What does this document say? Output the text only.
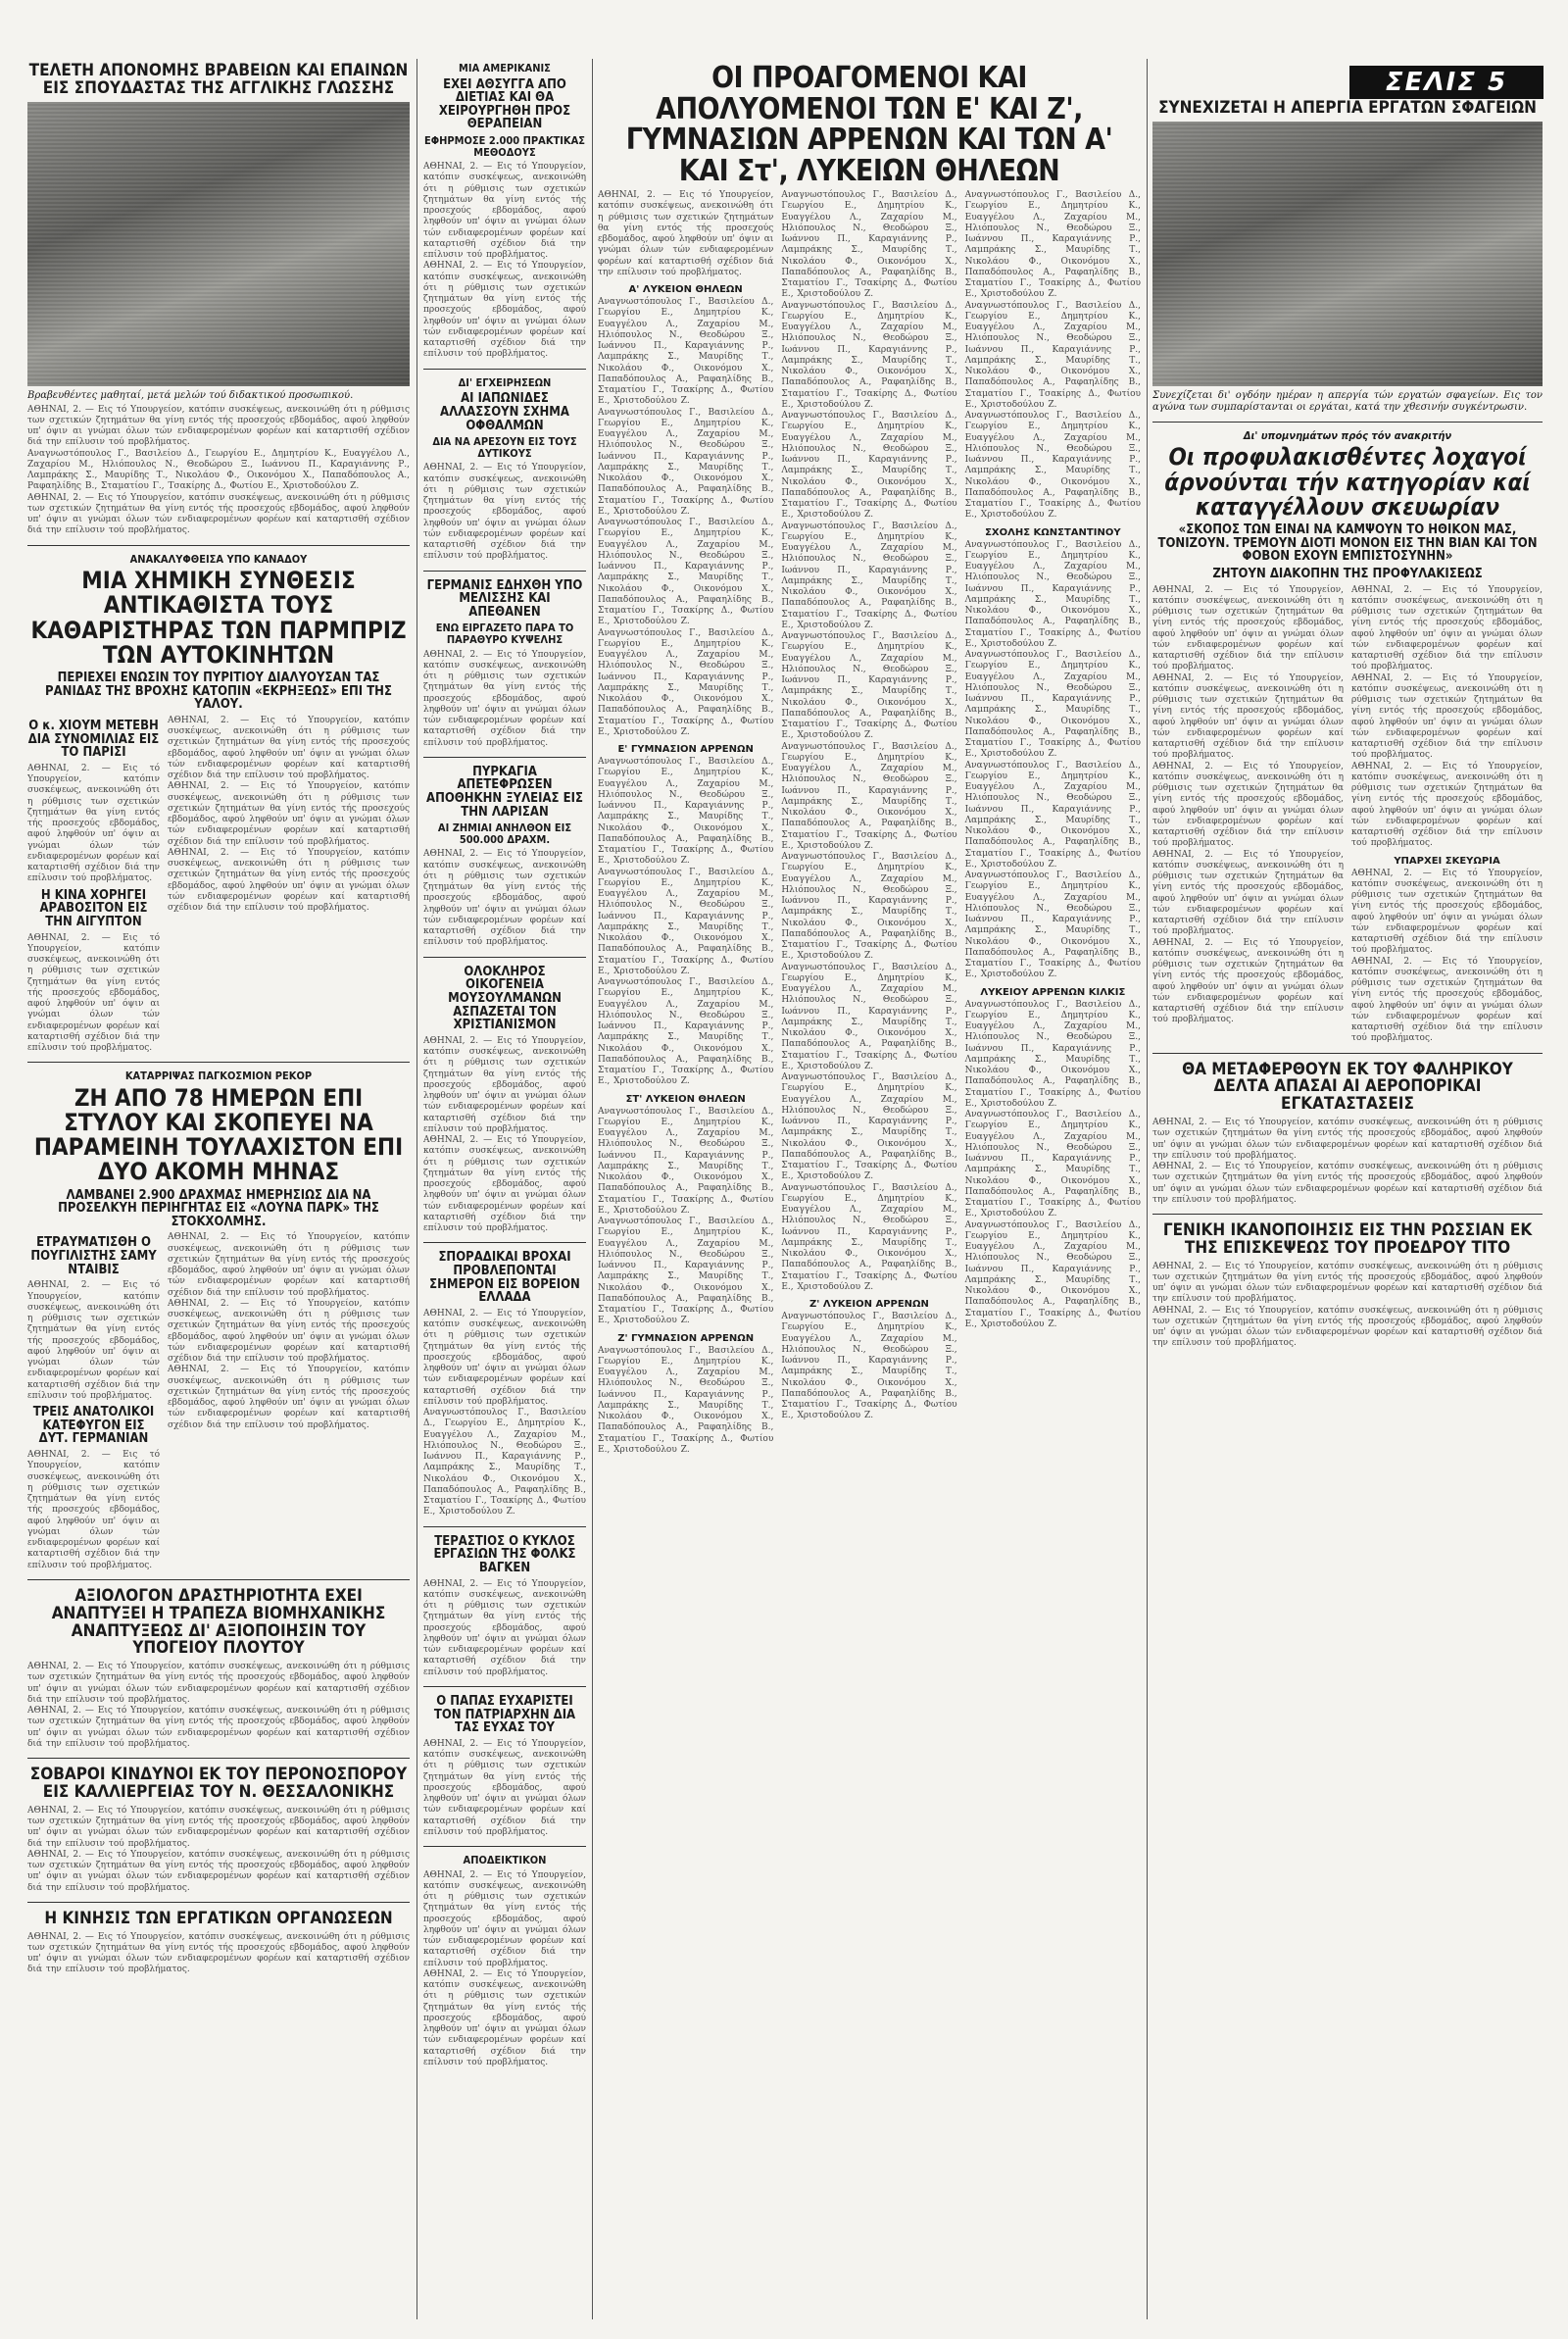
ΣΕΛΙΣ 5
ΤΕΛΕΤΗ ΑΠΟΝΟΜΗΣ ΒΡΑΒΕΙΩΝ ΚΑΙ ΕΠΑΙΝΩΝ ΕΙΣ ΣΠΟΥΔΑΣΤΑΣ ΤΗΣ ΑΓΓΛΙΚΗΣ ΓΛΩΣΣΗΣ
Βραβευθέντες μαθηταί, μετά μελών τού διδακτικού προσωπικού.
ΑΘΗΝΑΙ, 2. — Εις τό Υπουργείον, κατόπιν συσκέψεως, ανεκοινώθη ότι η ρύθμισις των σχετικών ζητημάτων θα γίνη εντός τής προσεχούς εβδομάδος, αφού ληφθούν υπ' όψιν αι γνώμαι όλων τών ενδιαφερομένων φορέων καί καταρτισθή σχέδιον διά την επίλυσιν τού προβλήματος.
Αναγνωστόπουλος Γ., Βασιλείου Δ., Γεωργίου Ε., Δημητρίου Κ., Ευαγγέλου Λ., Ζαχαρίου Μ., Ηλιόπουλος Ν., Θεοδώρου Ξ., Ιωάννου Π., Καραγιάννης Ρ., Λαμπράκης Σ., Μαυρίδης Τ., Νικολάου Φ., Οικονόμου Χ., Παπαδόπουλος Α., Ραφαηλίδης Β., Σταματίου Γ., Τσακίρης Δ., Φωτίου Ε., Χριστοδούλου Ζ.
ΑΘΗΝΑΙ, 2. — Εις τό Υπουργείον, κατόπιν συσκέψεως, ανεκοινώθη ότι η ρύθμισις των σχετικών ζητημάτων θα γίνη εντός τής προσεχούς εβδομάδος, αφού ληφθούν υπ' όψιν αι γνώμαι όλων τών ενδιαφερομένων φορέων καί καταρτισθή σχέδιον διά την επίλυσιν τού προβλήματος.
ΑΝΑΚΑΛΥΦΘΕΙΣΑ ΥΠΟ ΚΑΝΑΔΟΥ
ΜΙΑ ΧΗΜΙΚΗ ΣΥΝΘΕΣΙΣ ΑΝΤΙΚΑΘΙΣΤΑ ΤΟΥΣ ΚΑΘΑΡΙΣΤΗΡΑΣ ΤΩΝ ΠΑΡΜΠΡΙΖ ΤΩΝ ΑΥΤΟΚΙΝΗΤΩΝ
ΠΕΡΙΕΧΕΙ ΕΝΩΣΙΝ ΤΟΥ ΠΥΡΙΤΙΟΥ ΔΙΑΛΥΟΥΣΑΝ ΤΑΣ ΡΑΝΙΔΑΣ ΤΗΣ ΒΡΟΧΗΣ ΚΑΤΟΠΙΝ «ΕΚΡΗΞΕΩΣ» ΕΠΙ ΤΗΣ ΥΑΛΟΥ.
Ο κ. ΧΙΟΥΜ ΜΕΤΕΒΗ ΔΙΑ ΣΥΝΟΜΙΛΙΑΣ ΕΙΣ ΤΟ ΠΑΡΙΣΙ
ΑΘΗΝΑΙ, 2. — Εις τό Υπουργείον, κατόπιν συσκέψεως, ανεκοινώθη ότι η ρύθμισις των σχετικών ζητημάτων θα γίνη εντός τής προσεχούς εβδομάδος, αφού ληφθούν υπ' όψιν αι γνώμαι όλων τών ενδιαφερομένων φορέων καί καταρτισθή σχέδιον διά την επίλυσιν τού προβλήματος.
Η ΚΙΝΑ ΧΟΡΗΓΕΙ ΑΡΑΒΟΣΙΤΟΝ ΕΙΣ ΤΗΝ ΑΙΓΥΠΤΟΝ
ΑΘΗΝΑΙ, 2. — Εις τό Υπουργείον, κατόπιν συσκέψεως, ανεκοινώθη ότι η ρύθμισις των σχετικών ζητημάτων θα γίνη εντός τής προσεχούς εβδομάδος, αφού ληφθούν υπ' όψιν αι γνώμαι όλων τών ενδιαφερομένων φορέων καί καταρτισθή σχέδιον διά την επίλυσιν τού προβλήματος.
ΑΘΗΝΑΙ, 2. — Εις τό Υπουργείον, κατόπιν συσκέψεως, ανεκοινώθη ότι η ρύθμισις των σχετικών ζητημάτων θα γίνη εντός τής προσεχούς εβδομάδος, αφού ληφθούν υπ' όψιν αι γνώμαι όλων τών ενδιαφερομένων φορέων καί καταρτισθή σχέδιον διά την επίλυσιν τού προβλήματος.
ΑΘΗΝΑΙ, 2. — Εις τό Υπουργείον, κατόπιν συσκέψεως, ανεκοινώθη ότι η ρύθμισις των σχετικών ζητημάτων θα γίνη εντός τής προσεχούς εβδομάδος, αφού ληφθούν υπ' όψιν αι γνώμαι όλων τών ενδιαφερομένων φορέων καί καταρτισθή σχέδιον διά την επίλυσιν τού προβλήματος.
ΑΘΗΝΑΙ, 2. — Εις τό Υπουργείον, κατόπιν συσκέψεως, ανεκοινώθη ότι η ρύθμισις των σχετικών ζητημάτων θα γίνη εντός τής προσεχούς εβδομάδος, αφού ληφθούν υπ' όψιν αι γνώμαι όλων τών ενδιαφερομένων φορέων καί καταρτισθή σχέδιον διά την επίλυσιν τού προβλήματος.
ΚΑΤΑΡΡΙΨΑΣ ΠΑΓΚΟΣΜΙΟΝ ΡΕΚΟΡ
ΖΗ ΑΠΟ 78 ΗΜΕΡΩΝ ΕΠΙ ΣΤΥΛΟΥ ΚΑΙ ΣΚΟΠΕΥΕΙ ΝΑ ΠΑΡΑΜΕΙΝΗ ΤΟΥΛΑΧΙΣΤΟΝ ΕΠΙ ΔΥΟ ΑΚΟΜΗ ΜΗΝΑΣ
ΛΑΜΒΑΝΕΙ 2.900 ΔΡΑΧΜΑΣ ΗΜΕΡΗΣΙΩΣ ΔΙΑ ΝΑ ΠΡΟΣΕΛΚΥΗ ΠΕΡΙΗΓΗΤΑΣ ΕΙΣ «ΛΟΥΝΑ ΠΑΡΚ» ΤΗΣ ΣΤΟΚΧΟΛΜΗΣ.
ΕΤΡΑΥΜΑΤΙΣΘΗ Ο ΠΟΥΓΙΛΙΣΤΗΣ ΣΑΜΥ ΝΤΑΙΒΙΣ
ΑΘΗΝΑΙ, 2. — Εις τό Υπουργείον, κατόπιν συσκέψεως, ανεκοινώθη ότι η ρύθμισις των σχετικών ζητημάτων θα γίνη εντός τής προσεχούς εβδομάδος, αφού ληφθούν υπ' όψιν αι γνώμαι όλων τών ενδιαφερομένων φορέων καί καταρτισθή σχέδιον διά την επίλυσιν τού προβλήματος.
ΤΡΕΙΣ ΑΝΑΤΟΛΙΚΟΙ ΚΑΤΕΦΥΓΟΝ ΕΙΣ ΔΥΤ. ΓΕΡΜΑΝΙΑΝ
ΑΘΗΝΑΙ, 2. — Εις τό Υπουργείον, κατόπιν συσκέψεως, ανεκοινώθη ότι η ρύθμισις των σχετικών ζητημάτων θα γίνη εντός τής προσεχούς εβδομάδος, αφού ληφθούν υπ' όψιν αι γνώμαι όλων τών ενδιαφερομένων φορέων καί καταρτισθή σχέδιον διά την επίλυσιν τού προβλήματος.
ΑΘΗΝΑΙ, 2. — Εις τό Υπουργείον, κατόπιν συσκέψεως, ανεκοινώθη ότι η ρύθμισις των σχετικών ζητημάτων θα γίνη εντός τής προσεχούς εβδομάδος, αφού ληφθούν υπ' όψιν αι γνώμαι όλων τών ενδιαφερομένων φορέων καί καταρτισθή σχέδιον διά την επίλυσιν τού προβλήματος.
ΑΘΗΝΑΙ, 2. — Εις τό Υπουργείον, κατόπιν συσκέψεως, ανεκοινώθη ότι η ρύθμισις των σχετικών ζητημάτων θα γίνη εντός τής προσεχούς εβδομάδος, αφού ληφθούν υπ' όψιν αι γνώμαι όλων τών ενδιαφερομένων φορέων καί καταρτισθή σχέδιον διά την επίλυσιν τού προβλήματος.
ΑΘΗΝΑΙ, 2. — Εις τό Υπουργείον, κατόπιν συσκέψεως, ανεκοινώθη ότι η ρύθμισις των σχετικών ζητημάτων θα γίνη εντός τής προσεχούς εβδομάδος, αφού ληφθούν υπ' όψιν αι γνώμαι όλων τών ενδιαφερομένων φορέων καί καταρτισθή σχέδιον διά την επίλυσιν τού προβλήματος.
ΑΞΙΟΛΟΓΟΝ ΔΡΑΣΤΗΡΙΟΤΗΤΑ ΕΧΕΙ ΑΝΑΠΤΥΞΕΙ Η ΤΡΑΠΕΖΑ ΒΙΟΜΗΧΑΝΙΚΗΣ ΑΝΑΠΤΥΞΕΩΣ ΔΙ' ΑΞΙΟΠΟΙΗΣΙΝ ΤΟΥ ΥΠΟΓΕΙΟΥ ΠΛΟΥΤΟΥ
ΑΘΗΝΑΙ, 2. — Εις τό Υπουργείον, κατόπιν συσκέψεως, ανεκοινώθη ότι η ρύθμισις των σχετικών ζητημάτων θα γίνη εντός τής προσεχούς εβδομάδος, αφού ληφθούν υπ' όψιν αι γνώμαι όλων τών ενδιαφερομένων φορέων καί καταρτισθή σχέδιον διά την επίλυσιν τού προβλήματος.
ΑΘΗΝΑΙ, 2. — Εις τό Υπουργείον, κατόπιν συσκέψεως, ανεκοινώθη ότι η ρύθμισις των σχετικών ζητημάτων θα γίνη εντός τής προσεχούς εβδομάδος, αφού ληφθούν υπ' όψιν αι γνώμαι όλων τών ενδιαφερομένων φορέων καί καταρτισθή σχέδιον διά την επίλυσιν τού προβλήματος.
ΣΟΒΑΡΟΙ ΚΙΝΔΥΝΟΙ ΕΚ ΤΟΥ ΠΕΡΟΝΟΣΠΟΡΟΥ ΕΙΣ ΚΑΛΛΙΕΡΓΕΙΑΣ ΤΟΥ Ν. ΘΕΣΣΑΛΟΝΙΚΗΣ
ΑΘΗΝΑΙ, 2. — Εις τό Υπουργείον, κατόπιν συσκέψεως, ανεκοινώθη ότι η ρύθμισις των σχετικών ζητημάτων θα γίνη εντός τής προσεχούς εβδομάδος, αφού ληφθούν υπ' όψιν αι γνώμαι όλων τών ενδιαφερομένων φορέων καί καταρτισθή σχέδιον διά την επίλυσιν τού προβλήματος.
ΑΘΗΝΑΙ, 2. — Εις τό Υπουργείον, κατόπιν συσκέψεως, ανεκοινώθη ότι η ρύθμισις των σχετικών ζητημάτων θα γίνη εντός τής προσεχούς εβδομάδος, αφού ληφθούν υπ' όψιν αι γνώμαι όλων τών ενδιαφερομένων φορέων καί καταρτισθή σχέδιον διά την επίλυσιν τού προβλήματος.
Η ΚΙΝΗΣΙΣ ΤΩΝ ΕΡΓΑΤΙΚΩΝ ΟΡΓΑΝΩΣΕΩΝ
ΑΘΗΝΑΙ, 2. — Εις τό Υπουργείον, κατόπιν συσκέψεως, ανεκοινώθη ότι η ρύθμισις των σχετικών ζητημάτων θα γίνη εντός τής προσεχούς εβδομάδος, αφού ληφθούν υπ' όψιν αι γνώμαι όλων τών ενδιαφερομένων φορέων καί καταρτισθή σχέδιον διά την επίλυσιν τού προβλήματος.
ΜΙΑ ΑΜΕΡΙΚΑΝΙΣ
ΕΧΕΙ ΑΘΣΥΓΓΑ ΑΠΟ ΔΙΕΤΙΑΣ ΚΑΙ ΘΑ ΧΕΙΡΟΥΡΓΗΘΗ ΠΡΟΣ ΘΕΡΑΠΕΙΑΝ
ΕΦΗΡΜΟΣΕ 2.000 ΠΡΑΚΤΙΚΑΣ ΜΕΘΟΔΟΥΣ
ΑΘΗΝΑΙ, 2. — Εις τό Υπουργείον, κατόπιν συσκέψεως, ανεκοινώθη ότι η ρύθμισις των σχετικών ζητημάτων θα γίνη εντός τής προσεχούς εβδομάδος, αφού ληφθούν υπ' όψιν αι γνώμαι όλων τών ενδιαφερομένων φορέων καί καταρτισθή σχέδιον διά την επίλυσιν τού προβλήματος.
ΑΘΗΝΑΙ, 2. — Εις τό Υπουργείον, κατόπιν συσκέψεως, ανεκοινώθη ότι η ρύθμισις των σχετικών ζητημάτων θα γίνη εντός τής προσεχούς εβδομάδος, αφού ληφθούν υπ' όψιν αι γνώμαι όλων τών ενδιαφερομένων φορέων καί καταρτισθή σχέδιον διά την επίλυσιν τού προβλήματος.
ΔΙ' ΕΓΧΕΙΡΗΣΕΩΝ
ΑΙ ΙΑΠΩΝΙΔΕΣ ΑΛΛΑΣΣΟΥΝ ΣΧΗΜΑ ΟΦΘΑΛΜΩΝ
ΔΙΑ ΝΑ ΑΡΕΣΟΥΝ ΕΙΣ ΤΟΥΣ ΔΥΤΙΚΟΥΣ
ΑΘΗΝΑΙ, 2. — Εις τό Υπουργείον, κατόπιν συσκέψεως, ανεκοινώθη ότι η ρύθμισις των σχετικών ζητημάτων θα γίνη εντός τής προσεχούς εβδομάδος, αφού ληφθούν υπ' όψιν αι γνώμαι όλων τών ενδιαφερομένων φορέων καί καταρτισθή σχέδιον διά την επίλυσιν τού προβλήματος.
ΓΕΡΜΑΝΙΣ ΕΔΗΧΘΗ ΥΠΟ ΜΕΛΙΣΣΗΣ ΚΑΙ ΑΠΕΘΑΝΕΝ
ΕΝΩ ΕΙΡΓΑΖΕΤΟ ΠΑΡΑ ΤΟ ΠΑΡΑΘΥΡΟ ΚΥΨΕΛΗΣ
ΑΘΗΝΑΙ, 2. — Εις τό Υπουργείον, κατόπιν συσκέψεως, ανεκοινώθη ότι η ρύθμισις των σχετικών ζητημάτων θα γίνη εντός τής προσεχούς εβδομάδος, αφού ληφθούν υπ' όψιν αι γνώμαι όλων τών ενδιαφερομένων φορέων καί καταρτισθή σχέδιον διά την επίλυσιν τού προβλήματος.
ΠΥΡΚΑΓΙΑ ΑΠΕΤΕΦΡΩΣΕΝ ΑΠΟΘΗΚΗΝ ΞΥΛΕΙΑΣ ΕΙΣ ΤΗΝ ΛΑΡΙΣΑΝ
ΑΙ ΖΗΜΙΑΙ ΑΝΗΛΘΟΝ ΕΙΣ 500.000 ΔΡΑΧΜ.
ΑΘΗΝΑΙ, 2. — Εις τό Υπουργείον, κατόπιν συσκέψεως, ανεκοινώθη ότι η ρύθμισις των σχετικών ζητημάτων θα γίνη εντός τής προσεχούς εβδομάδος, αφού ληφθούν υπ' όψιν αι γνώμαι όλων τών ενδιαφερομένων φορέων καί καταρτισθή σχέδιον διά την επίλυσιν τού προβλήματος.
ΟΛΟΚΛΗΡΟΣ ΟΙΚΟΓΕΝΕΙΑ ΜΟΥΣΟΥΛΜΑΝΩΝ ΑΣΠΑΖΕΤΑΙ ΤΟΝ ΧΡΙΣΤΙΑΝΙΣΜΟΝ
ΑΘΗΝΑΙ, 2. — Εις τό Υπουργείον, κατόπιν συσκέψεως, ανεκοινώθη ότι η ρύθμισις των σχετικών ζητημάτων θα γίνη εντός τής προσεχούς εβδομάδος, αφού ληφθούν υπ' όψιν αι γνώμαι όλων τών ενδιαφερομένων φορέων καί καταρτισθή σχέδιον διά την επίλυσιν τού προβλήματος.
ΑΘΗΝΑΙ, 2. — Εις τό Υπουργείον, κατόπιν συσκέψεως, ανεκοινώθη ότι η ρύθμισις των σχετικών ζητημάτων θα γίνη εντός τής προσεχούς εβδομάδος, αφού ληφθούν υπ' όψιν αι γνώμαι όλων τών ενδιαφερομένων φορέων καί καταρτισθή σχέδιον διά την επίλυσιν τού προβλήματος.
ΣΠΟΡΑΔΙΚΑΙ ΒΡΟΧΑΙ ΠΡΟΒΛΕΠΟΝΤΑΙ ΣΗΜΕΡΟΝ ΕΙΣ ΒΟΡΕΙΟΝ ΕΛΛΑΔΑ
ΑΘΗΝΑΙ, 2. — Εις τό Υπουργείον, κατόπιν συσκέψεως, ανεκοινώθη ότι η ρύθμισις των σχετικών ζητημάτων θα γίνη εντός τής προσεχούς εβδομάδος, αφού ληφθούν υπ' όψιν αι γνώμαι όλων τών ενδιαφερομένων φορέων καί καταρτισθή σχέδιον διά την επίλυσιν τού προβλήματος.
Αναγνωστόπουλος Γ., Βασιλείου Δ., Γεωργίου Ε., Δημητρίου Κ., Ευαγγέλου Λ., Ζαχαρίου Μ., Ηλιόπουλος Ν., Θεοδώρου Ξ., Ιωάννου Π., Καραγιάννης Ρ., Λαμπράκης Σ., Μαυρίδης Τ., Νικολάου Φ., Οικονόμου Χ., Παπαδόπουλος Α., Ραφαηλίδης Β., Σταματίου Γ., Τσακίρης Δ., Φωτίου Ε., Χριστοδούλου Ζ.
ΤΕΡΑΣΤΙΟΣ Ο ΚΥΚΛΟΣ ΕΡΓΑΣΙΩΝ ΤΗΣ ΦΟΛΚΣ ΒΑΓΚΕΝ
ΑΘΗΝΑΙ, 2. — Εις τό Υπουργείον, κατόπιν συσκέψεως, ανεκοινώθη ότι η ρύθμισις των σχετικών ζητημάτων θα γίνη εντός τής προσεχούς εβδομάδος, αφού ληφθούν υπ' όψιν αι γνώμαι όλων τών ενδιαφερομένων φορέων καί καταρτισθή σχέδιον διά την επίλυσιν τού προβλήματος.
Ο ΠΑΠΑΣ ΕΥΧΑΡΙΣΤΕΙ ΤΟΝ ΠΑΤΡΙΑΡΧΗΝ ΔΙΑ ΤΑΣ ΕΥΧΑΣ ΤΟΥ
ΑΘΗΝΑΙ, 2. — Εις τό Υπουργείον, κατόπιν συσκέψεως, ανεκοινώθη ότι η ρύθμισις των σχετικών ζητημάτων θα γίνη εντός τής προσεχούς εβδομάδος, αφού ληφθούν υπ' όψιν αι γνώμαι όλων τών ενδιαφερομένων φορέων καί καταρτισθή σχέδιον διά την επίλυσιν τού προβλήματος.
ΑΠΟΔΕΙΚΤΙΚΟΝ
ΑΘΗΝΑΙ, 2. — Εις τό Υπουργείον, κατόπιν συσκέψεως, ανεκοινώθη ότι η ρύθμισις των σχετικών ζητημάτων θα γίνη εντός τής προσεχούς εβδομάδος, αφού ληφθούν υπ' όψιν αι γνώμαι όλων τών ενδιαφερομένων φορέων καί καταρτισθή σχέδιον διά την επίλυσιν τού προβλήματος.
ΑΘΗΝΑΙ, 2. — Εις τό Υπουργείον, κατόπιν συσκέψεως, ανεκοινώθη ότι η ρύθμισις των σχετικών ζητημάτων θα γίνη εντός τής προσεχούς εβδομάδος, αφού ληφθούν υπ' όψιν αι γνώμαι όλων τών ενδιαφερομένων φορέων καί καταρτισθή σχέδιον διά την επίλυσιν τού προβλήματος.
ΟΙ ΠΡΟΑΓΟΜΕΝΟΙ ΚΑΙ ΑΠΟΛΥΟΜΕΝΟΙ ΤΩΝ Ε' ΚΑΙ Ζ', ΓΥΜΝΑΣΙΩΝ ΑΡΡΕΝΩΝ ΚΑΙ ΤΩΝ Α' ΚΑΙ Στ', ΛΥΚΕΙΩΝ ΘΗΛΕΩΝ
ΑΘΗΝΑΙ, 2. — Εις τό Υπουργείον, κατόπιν συσκέψεως, ανεκοινώθη ότι η ρύθμισις των σχετικών ζητημάτων θα γίνη εντός τής προσεχούς εβδομάδος, αφού ληφθούν υπ' όψιν αι γνώμαι όλων τών ενδιαφερομένων φορέων καί καταρτισθή σχέδιον διά την επίλυσιν τού προβλήματος.
Α' ΛΥΚΕΙΟΝ ΘΗΛΕΩΝ
Αναγνωστόπουλος Γ., Βασιλείου Δ., Γεωργίου Ε., Δημητρίου Κ., Ευαγγέλου Λ., Ζαχαρίου Μ., Ηλιόπουλος Ν., Θεοδώρου Ξ., Ιωάννου Π., Καραγιάννης Ρ., Λαμπράκης Σ., Μαυρίδης Τ., Νικολάου Φ., Οικονόμου Χ., Παπαδόπουλος Α., Ραφαηλίδης Β., Σταματίου Γ., Τσακίρης Δ., Φωτίου Ε., Χριστοδούλου Ζ.
Αναγνωστόπουλος Γ., Βασιλείου Δ., Γεωργίου Ε., Δημητρίου Κ., Ευαγγέλου Λ., Ζαχαρίου Μ., Ηλιόπουλος Ν., Θεοδώρου Ξ., Ιωάννου Π., Καραγιάννης Ρ., Λαμπράκης Σ., Μαυρίδης Τ., Νικολάου Φ., Οικονόμου Χ., Παπαδόπουλος Α., Ραφαηλίδης Β., Σταματίου Γ., Τσακίρης Δ., Φωτίου Ε., Χριστοδούλου Ζ.
Αναγνωστόπουλος Γ., Βασιλείου Δ., Γεωργίου Ε., Δημητρίου Κ., Ευαγγέλου Λ., Ζαχαρίου Μ., Ηλιόπουλος Ν., Θεοδώρου Ξ., Ιωάννου Π., Καραγιάννης Ρ., Λαμπράκης Σ., Μαυρίδης Τ., Νικολάου Φ., Οικονόμου Χ., Παπαδόπουλος Α., Ραφαηλίδης Β., Σταματίου Γ., Τσακίρης Δ., Φωτίου Ε., Χριστοδούλου Ζ.
Αναγνωστόπουλος Γ., Βασιλείου Δ., Γεωργίου Ε., Δημητρίου Κ., Ευαγγέλου Λ., Ζαχαρίου Μ., Ηλιόπουλος Ν., Θεοδώρου Ξ., Ιωάννου Π., Καραγιάννης Ρ., Λαμπράκης Σ., Μαυρίδης Τ., Νικολάου Φ., Οικονόμου Χ., Παπαδόπουλος Α., Ραφαηλίδης Β., Σταματίου Γ., Τσακίρης Δ., Φωτίου Ε., Χριστοδούλου Ζ.
Ε' ΓΥΜΝΑΣΙΟΝ ΑΡΡΕΝΩΝ
Αναγνωστόπουλος Γ., Βασιλείου Δ., Γεωργίου Ε., Δημητρίου Κ., Ευαγγέλου Λ., Ζαχαρίου Μ., Ηλιόπουλος Ν., Θεοδώρου Ξ., Ιωάννου Π., Καραγιάννης Ρ., Λαμπράκης Σ., Μαυρίδης Τ., Νικολάου Φ., Οικονόμου Χ., Παπαδόπουλος Α., Ραφαηλίδης Β., Σταματίου Γ., Τσακίρης Δ., Φωτίου Ε., Χριστοδούλου Ζ.
Αναγνωστόπουλος Γ., Βασιλείου Δ., Γεωργίου Ε., Δημητρίου Κ., Ευαγγέλου Λ., Ζαχαρίου Μ., Ηλιόπουλος Ν., Θεοδώρου Ξ., Ιωάννου Π., Καραγιάννης Ρ., Λαμπράκης Σ., Μαυρίδης Τ., Νικολάου Φ., Οικονόμου Χ., Παπαδόπουλος Α., Ραφαηλίδης Β., Σταματίου Γ., Τσακίρης Δ., Φωτίου Ε., Χριστοδούλου Ζ.
Αναγνωστόπουλος Γ., Βασιλείου Δ., Γεωργίου Ε., Δημητρίου Κ., Ευαγγέλου Λ., Ζαχαρίου Μ., Ηλιόπουλος Ν., Θεοδώρου Ξ., Ιωάννου Π., Καραγιάννης Ρ., Λαμπράκης Σ., Μαυρίδης Τ., Νικολάου Φ., Οικονόμου Χ., Παπαδόπουλος Α., Ραφαηλίδης Β., Σταματίου Γ., Τσακίρης Δ., Φωτίου Ε., Χριστοδούλου Ζ.
ΣΤ' ΛΥΚΕΙΟΝ ΘΗΛΕΩΝ
Αναγνωστόπουλος Γ., Βασιλείου Δ., Γεωργίου Ε., Δημητρίου Κ., Ευαγγέλου Λ., Ζαχαρίου Μ., Ηλιόπουλος Ν., Θεοδώρου Ξ., Ιωάννου Π., Καραγιάννης Ρ., Λαμπράκης Σ., Μαυρίδης Τ., Νικολάου Φ., Οικονόμου Χ., Παπαδόπουλος Α., Ραφαηλίδης Β., Σταματίου Γ., Τσακίρης Δ., Φωτίου Ε., Χριστοδούλου Ζ.
Αναγνωστόπουλος Γ., Βασιλείου Δ., Γεωργίου Ε., Δημητρίου Κ., Ευαγγέλου Λ., Ζαχαρίου Μ., Ηλιόπουλος Ν., Θεοδώρου Ξ., Ιωάννου Π., Καραγιάννης Ρ., Λαμπράκης Σ., Μαυρίδης Τ., Νικολάου Φ., Οικονόμου Χ., Παπαδόπουλος Α., Ραφαηλίδης Β., Σταματίου Γ., Τσακίρης Δ., Φωτίου Ε., Χριστοδούλου Ζ.
Ζ' ΓΥΜΝΑΣΙΟΝ ΑΡΡΕΝΩΝ
Αναγνωστόπουλος Γ., Βασιλείου Δ., Γεωργίου Ε., Δημητρίου Κ., Ευαγγέλου Λ., Ζαχαρίου Μ., Ηλιόπουλος Ν., Θεοδώρου Ξ., Ιωάννου Π., Καραγιάννης Ρ., Λαμπράκης Σ., Μαυρίδης Τ., Νικολάου Φ., Οικονόμου Χ., Παπαδόπουλος Α., Ραφαηλίδης Β., Σταματίου Γ., Τσακίρης Δ., Φωτίου Ε., Χριστοδούλου Ζ.
Αναγνωστόπουλος Γ., Βασιλείου Δ., Γεωργίου Ε., Δημητρίου Κ., Ευαγγέλου Λ., Ζαχαρίου Μ., Ηλιόπουλος Ν., Θεοδώρου Ξ., Ιωάννου Π., Καραγιάννης Ρ., Λαμπράκης Σ., Μαυρίδης Τ., Νικολάου Φ., Οικονόμου Χ., Παπαδόπουλος Α., Ραφαηλίδης Β., Σταματίου Γ., Τσακίρης Δ., Φωτίου Ε., Χριστοδούλου Ζ.
Αναγνωστόπουλος Γ., Βασιλείου Δ., Γεωργίου Ε., Δημητρίου Κ., Ευαγγέλου Λ., Ζαχαρίου Μ., Ηλιόπουλος Ν., Θεοδώρου Ξ., Ιωάννου Π., Καραγιάννης Ρ., Λαμπράκης Σ., Μαυρίδης Τ., Νικολάου Φ., Οικονόμου Χ., Παπαδόπουλος Α., Ραφαηλίδης Β., Σταματίου Γ., Τσακίρης Δ., Φωτίου Ε., Χριστοδούλου Ζ.
Αναγνωστόπουλος Γ., Βασιλείου Δ., Γεωργίου Ε., Δημητρίου Κ., Ευαγγέλου Λ., Ζαχαρίου Μ., Ηλιόπουλος Ν., Θεοδώρου Ξ., Ιωάννου Π., Καραγιάννης Ρ., Λαμπράκης Σ., Μαυρίδης Τ., Νικολάου Φ., Οικονόμου Χ., Παπαδόπουλος Α., Ραφαηλίδης Β., Σταματίου Γ., Τσακίρης Δ., Φωτίου Ε., Χριστοδούλου Ζ.
Αναγνωστόπουλος Γ., Βασιλείου Δ., Γεωργίου Ε., Δημητρίου Κ., Ευαγγέλου Λ., Ζαχαρίου Μ., Ηλιόπουλος Ν., Θεοδώρου Ξ., Ιωάννου Π., Καραγιάννης Ρ., Λαμπράκης Σ., Μαυρίδης Τ., Νικολάου Φ., Οικονόμου Χ., Παπαδόπουλος Α., Ραφαηλίδης Β., Σταματίου Γ., Τσακίρης Δ., Φωτίου Ε., Χριστοδούλου Ζ.
Αναγνωστόπουλος Γ., Βασιλείου Δ., Γεωργίου Ε., Δημητρίου Κ., Ευαγγέλου Λ., Ζαχαρίου Μ., Ηλιόπουλος Ν., Θεοδώρου Ξ., Ιωάννου Π., Καραγιάννης Ρ., Λαμπράκης Σ., Μαυρίδης Τ., Νικολάου Φ., Οικονόμου Χ., Παπαδόπουλος Α., Ραφαηλίδης Β., Σταματίου Γ., Τσακίρης Δ., Φωτίου Ε., Χριστοδούλου Ζ.
Αναγνωστόπουλος Γ., Βασιλείου Δ., Γεωργίου Ε., Δημητρίου Κ., Ευαγγέλου Λ., Ζαχαρίου Μ., Ηλιόπουλος Ν., Θεοδώρου Ξ., Ιωάννου Π., Καραγιάννης Ρ., Λαμπράκης Σ., Μαυρίδης Τ., Νικολάου Φ., Οικονόμου Χ., Παπαδόπουλος Α., Ραφαηλίδης Β., Σταματίου Γ., Τσακίρης Δ., Φωτίου Ε., Χριστοδούλου Ζ.
Αναγνωστόπουλος Γ., Βασιλείου Δ., Γεωργίου Ε., Δημητρίου Κ., Ευαγγέλου Λ., Ζαχαρίου Μ., Ηλιόπουλος Ν., Θεοδώρου Ξ., Ιωάννου Π., Καραγιάννης Ρ., Λαμπράκης Σ., Μαυρίδης Τ., Νικολάου Φ., Οικονόμου Χ., Παπαδόπουλος Α., Ραφαηλίδης Β., Σταματίου Γ., Τσακίρης Δ., Φωτίου Ε., Χριστοδούλου Ζ.
Αναγνωστόπουλος Γ., Βασιλείου Δ., Γεωργίου Ε., Δημητρίου Κ., Ευαγγέλου Λ., Ζαχαρίου Μ., Ηλιόπουλος Ν., Θεοδώρου Ξ., Ιωάννου Π., Καραγιάννης Ρ., Λαμπράκης Σ., Μαυρίδης Τ., Νικολάου Φ., Οικονόμου Χ., Παπαδόπουλος Α., Ραφαηλίδης Β., Σταματίου Γ., Τσακίρης Δ., Φωτίου Ε., Χριστοδούλου Ζ.
Αναγνωστόπουλος Γ., Βασιλείου Δ., Γεωργίου Ε., Δημητρίου Κ., Ευαγγέλου Λ., Ζαχαρίου Μ., Ηλιόπουλος Ν., Θεοδώρου Ξ., Ιωάννου Π., Καραγιάννης Ρ., Λαμπράκης Σ., Μαυρίδης Τ., Νικολάου Φ., Οικονόμου Χ., Παπαδόπουλος Α., Ραφαηλίδης Β., Σταματίου Γ., Τσακίρης Δ., Φωτίου Ε., Χριστοδούλου Ζ.
Αναγνωστόπουλος Γ., Βασιλείου Δ., Γεωργίου Ε., Δημητρίου Κ., Ευαγγέλου Λ., Ζαχαρίου Μ., Ηλιόπουλος Ν., Θεοδώρου Ξ., Ιωάννου Π., Καραγιάννης Ρ., Λαμπράκης Σ., Μαυρίδης Τ., Νικολάου Φ., Οικονόμου Χ., Παπαδόπουλος Α., Ραφαηλίδης Β., Σταματίου Γ., Τσακίρης Δ., Φωτίου Ε., Χριστοδούλου Ζ.
Ζ' ΛΥΚΕΙΟΝ ΑΡΡΕΝΩΝ
Αναγνωστόπουλος Γ., Βασιλείου Δ., Γεωργίου Ε., Δημητρίου Κ., Ευαγγέλου Λ., Ζαχαρίου Μ., Ηλιόπουλος Ν., Θεοδώρου Ξ., Ιωάννου Π., Καραγιάννης Ρ., Λαμπράκης Σ., Μαυρίδης Τ., Νικολάου Φ., Οικονόμου Χ., Παπαδόπουλος Α., Ραφαηλίδης Β., Σταματίου Γ., Τσακίρης Δ., Φωτίου Ε., Χριστοδούλου Ζ.
Αναγνωστόπουλος Γ., Βασιλείου Δ., Γεωργίου Ε., Δημητρίου Κ., Ευαγγέλου Λ., Ζαχαρίου Μ., Ηλιόπουλος Ν., Θεοδώρου Ξ., Ιωάννου Π., Καραγιάννης Ρ., Λαμπράκης Σ., Μαυρίδης Τ., Νικολάου Φ., Οικονόμου Χ., Παπαδόπουλος Α., Ραφαηλίδης Β., Σταματίου Γ., Τσακίρης Δ., Φωτίου Ε., Χριστοδούλου Ζ.
Αναγνωστόπουλος Γ., Βασιλείου Δ., Γεωργίου Ε., Δημητρίου Κ., Ευαγγέλου Λ., Ζαχαρίου Μ., Ηλιόπουλος Ν., Θεοδώρου Ξ., Ιωάννου Π., Καραγιάννης Ρ., Λαμπράκης Σ., Μαυρίδης Τ., Νικολάου Φ., Οικονόμου Χ., Παπαδόπουλος Α., Ραφαηλίδης Β., Σταματίου Γ., Τσακίρης Δ., Φωτίου Ε., Χριστοδούλου Ζ.
Αναγνωστόπουλος Γ., Βασιλείου Δ., Γεωργίου Ε., Δημητρίου Κ., Ευαγγέλου Λ., Ζαχαρίου Μ., Ηλιόπουλος Ν., Θεοδώρου Ξ., Ιωάννου Π., Καραγιάννης Ρ., Λαμπράκης Σ., Μαυρίδης Τ., Νικολάου Φ., Οικονόμου Χ., Παπαδόπουλος Α., Ραφαηλίδης Β., Σταματίου Γ., Τσακίρης Δ., Φωτίου Ε., Χριστοδούλου Ζ.
ΣΧΟΛΗΣ ΚΩΝΣΤΑΝΤΙΝΟΥ
Αναγνωστόπουλος Γ., Βασιλείου Δ., Γεωργίου Ε., Δημητρίου Κ., Ευαγγέλου Λ., Ζαχαρίου Μ., Ηλιόπουλος Ν., Θεοδώρου Ξ., Ιωάννου Π., Καραγιάννης Ρ., Λαμπράκης Σ., Μαυρίδης Τ., Νικολάου Φ., Οικονόμου Χ., Παπαδόπουλος Α., Ραφαηλίδης Β., Σταματίου Γ., Τσακίρης Δ., Φωτίου Ε., Χριστοδούλου Ζ.
Αναγνωστόπουλος Γ., Βασιλείου Δ., Γεωργίου Ε., Δημητρίου Κ., Ευαγγέλου Λ., Ζαχαρίου Μ., Ηλιόπουλος Ν., Θεοδώρου Ξ., Ιωάννου Π., Καραγιάννης Ρ., Λαμπράκης Σ., Μαυρίδης Τ., Νικολάου Φ., Οικονόμου Χ., Παπαδόπουλος Α., Ραφαηλίδης Β., Σταματίου Γ., Τσακίρης Δ., Φωτίου Ε., Χριστοδούλου Ζ.
Αναγνωστόπουλος Γ., Βασιλείου Δ., Γεωργίου Ε., Δημητρίου Κ., Ευαγγέλου Λ., Ζαχαρίου Μ., Ηλιόπουλος Ν., Θεοδώρου Ξ., Ιωάννου Π., Καραγιάννης Ρ., Λαμπράκης Σ., Μαυρίδης Τ., Νικολάου Φ., Οικονόμου Χ., Παπαδόπουλος Α., Ραφαηλίδης Β., Σταματίου Γ., Τσακίρης Δ., Φωτίου Ε., Χριστοδούλου Ζ.
Αναγνωστόπουλος Γ., Βασιλείου Δ., Γεωργίου Ε., Δημητρίου Κ., Ευαγγέλου Λ., Ζαχαρίου Μ., Ηλιόπουλος Ν., Θεοδώρου Ξ., Ιωάννου Π., Καραγιάννης Ρ., Λαμπράκης Σ., Μαυρίδης Τ., Νικολάου Φ., Οικονόμου Χ., Παπαδόπουλος Α., Ραφαηλίδης Β., Σταματίου Γ., Τσακίρης Δ., Φωτίου Ε., Χριστοδούλου Ζ.
ΛΥΚΕΙΟΥ ΑΡΡΕΝΩΝ ΚΙΛΚΙΣ
Αναγνωστόπουλος Γ., Βασιλείου Δ., Γεωργίου Ε., Δημητρίου Κ., Ευαγγέλου Λ., Ζαχαρίου Μ., Ηλιόπουλος Ν., Θεοδώρου Ξ., Ιωάννου Π., Καραγιάννης Ρ., Λαμπράκης Σ., Μαυρίδης Τ., Νικολάου Φ., Οικονόμου Χ., Παπαδόπουλος Α., Ραφαηλίδης Β., Σταματίου Γ., Τσακίρης Δ., Φωτίου Ε., Χριστοδούλου Ζ.
Αναγνωστόπουλος Γ., Βασιλείου Δ., Γεωργίου Ε., Δημητρίου Κ., Ευαγγέλου Λ., Ζαχαρίου Μ., Ηλιόπουλος Ν., Θεοδώρου Ξ., Ιωάννου Π., Καραγιάννης Ρ., Λαμπράκης Σ., Μαυρίδης Τ., Νικολάου Φ., Οικονόμου Χ., Παπαδόπουλος Α., Ραφαηλίδης Β., Σταματίου Γ., Τσακίρης Δ., Φωτίου Ε., Χριστοδούλου Ζ.
Αναγνωστόπουλος Γ., Βασιλείου Δ., Γεωργίου Ε., Δημητρίου Κ., Ευαγγέλου Λ., Ζαχαρίου Μ., Ηλιόπουλος Ν., Θεοδώρου Ξ., Ιωάννου Π., Καραγιάννης Ρ., Λαμπράκης Σ., Μαυρίδης Τ., Νικολάου Φ., Οικονόμου Χ., Παπαδόπουλος Α., Ραφαηλίδης Β., Σταματίου Γ., Τσακίρης Δ., Φωτίου Ε., Χριστοδούλου Ζ.
ΣΥΝΕΧΙΖΕΤΑΙ Η ΑΠΕΡΓΙΑ ΕΡΓΑΤΩΝ ΣΦΑΓΕΙΩΝ
Συνεχίζεται δι' ογδόην ημέραν η απεργία τών εργατών σφαγείων. Εις τον αγώνα των συμπαρίστανται οι εργάται, κατά την χθεσινήν συγκέντρωσιν.
Δι' υπομνημάτων πρός τόν ανακριτήν
Οι προφυλακισθέντες λοχαγοί άρνούνται τήν κατηγορίαν καί καταγγέλλουν σκευωρίαν
«ΣΚΟΠΟΣ ΤΩΝ ΕΙΝΑΙ ΝΑ ΚΑΜΨΟΥΝ ΤΟ ΗΘΙΚΟΝ ΜΑΣ, ΤΟΝΙΖΟΥΝ. ΤΡΕΜΟΥΝ ΔΙΟΤΙ ΜΟΝΟΝ ΕΙΣ ΤΗΝ ΒΙΑΝ ΚΑΙ ΤΟΝ ΦΟΒΟΝ ΕΧΟΥΝ ΕΜΠΙΣΤΟΣΥΝΗΝ»
ΖΗΤΟΥΝ ΔΙΑΚΟΠΗΝ ΤΗΣ ΠΡΟΦΥΛΑΚΙΣΕΩΣ
ΑΘΗΝΑΙ, 2. — Εις τό Υπουργείον, κατόπιν συσκέψεως, ανεκοινώθη ότι η ρύθμισις των σχετικών ζητημάτων θα γίνη εντός τής προσεχούς εβδομάδος, αφού ληφθούν υπ' όψιν αι γνώμαι όλων τών ενδιαφερομένων φορέων καί καταρτισθή σχέδιον διά την επίλυσιν τού προβλήματος.
ΑΘΗΝΑΙ, 2. — Εις τό Υπουργείον, κατόπιν συσκέψεως, ανεκοινώθη ότι η ρύθμισις των σχετικών ζητημάτων θα γίνη εντός τής προσεχούς εβδομάδος, αφού ληφθούν υπ' όψιν αι γνώμαι όλων τών ενδιαφερομένων φορέων καί καταρτισθή σχέδιον διά την επίλυσιν τού προβλήματος.
ΑΘΗΝΑΙ, 2. — Εις τό Υπουργείον, κατόπιν συσκέψεως, ανεκοινώθη ότι η ρύθμισις των σχετικών ζητημάτων θα γίνη εντός τής προσεχούς εβδομάδος, αφού ληφθούν υπ' όψιν αι γνώμαι όλων τών ενδιαφερομένων φορέων καί καταρτισθή σχέδιον διά την επίλυσιν τού προβλήματος.
ΑΘΗΝΑΙ, 2. — Εις τό Υπουργείον, κατόπιν συσκέψεως, ανεκοινώθη ότι η ρύθμισις των σχετικών ζητημάτων θα γίνη εντός τής προσεχούς εβδομάδος, αφού ληφθούν υπ' όψιν αι γνώμαι όλων τών ενδιαφερομένων φορέων καί καταρτισθή σχέδιον διά την επίλυσιν τού προβλήματος.
ΑΘΗΝΑΙ, 2. — Εις τό Υπουργείον, κατόπιν συσκέψεως, ανεκοινώθη ότι η ρύθμισις των σχετικών ζητημάτων θα γίνη εντός τής προσεχούς εβδομάδος, αφού ληφθούν υπ' όψιν αι γνώμαι όλων τών ενδιαφερομένων φορέων καί καταρτισθή σχέδιον διά την επίλυσιν τού προβλήματος.
ΑΘΗΝΑΙ, 2. — Εις τό Υπουργείον, κατόπιν συσκέψεως, ανεκοινώθη ότι η ρύθμισις των σχετικών ζητημάτων θα γίνη εντός τής προσεχούς εβδομάδος, αφού ληφθούν υπ' όψιν αι γνώμαι όλων τών ενδιαφερομένων φορέων καί καταρτισθή σχέδιον διά την επίλυσιν τού προβλήματος.
ΑΘΗΝΑΙ, 2. — Εις τό Υπουργείον, κατόπιν συσκέψεως, ανεκοινώθη ότι η ρύθμισις των σχετικών ζητημάτων θα γίνη εντός τής προσεχούς εβδομάδος, αφού ληφθούν υπ' όψιν αι γνώμαι όλων τών ενδιαφερομένων φορέων καί καταρτισθή σχέδιον διά την επίλυσιν τού προβλήματος.
ΑΘΗΝΑΙ, 2. — Εις τό Υπουργείον, κατόπιν συσκέψεως, ανεκοινώθη ότι η ρύθμισις των σχετικών ζητημάτων θα γίνη εντός τής προσεχούς εβδομάδος, αφού ληφθούν υπ' όψιν αι γνώμαι όλων τών ενδιαφερομένων φορέων καί καταρτισθή σχέδιον διά την επίλυσιν τού προβλήματος.
ΥΠΑΡΧΕΙ ΣΚΕΥΩΡΙΑ
ΑΘΗΝΑΙ, 2. — Εις τό Υπουργείον, κατόπιν συσκέψεως, ανεκοινώθη ότι η ρύθμισις των σχετικών ζητημάτων θα γίνη εντός τής προσεχούς εβδομάδος, αφού ληφθούν υπ' όψιν αι γνώμαι όλων τών ενδιαφερομένων φορέων καί καταρτισθή σχέδιον διά την επίλυσιν τού προβλήματος.
ΑΘΗΝΑΙ, 2. — Εις τό Υπουργείον, κατόπιν συσκέψεως, ανεκοινώθη ότι η ρύθμισις των σχετικών ζητημάτων θα γίνη εντός τής προσεχούς εβδομάδος, αφού ληφθούν υπ' όψιν αι γνώμαι όλων τών ενδιαφερομένων φορέων καί καταρτισθή σχέδιον διά την επίλυσιν τού προβλήματος.
ΘΑ ΜΕΤΑΦΕΡΘΟΥΝ ΕΚ ΤΟΥ ΦΑΛΗΡΙΚΟΥ ΔΕΛΤΑ ΑΠΑΣΑΙ ΑΙ ΑΕΡΟΠΟΡΙΚΑΙ ΕΓΚΑΤΑΣΤΑΣΕΙΣ
ΑΘΗΝΑΙ, 2. — Εις τό Υπουργείον, κατόπιν συσκέψεως, ανεκοινώθη ότι η ρύθμισις των σχετικών ζητημάτων θα γίνη εντός τής προσεχούς εβδομάδος, αφού ληφθούν υπ' όψιν αι γνώμαι όλων τών ενδιαφερομένων φορέων καί καταρτισθή σχέδιον διά την επίλυσιν τού προβλήματος.
ΑΘΗΝΑΙ, 2. — Εις τό Υπουργείον, κατόπιν συσκέψεως, ανεκοινώθη ότι η ρύθμισις των σχετικών ζητημάτων θα γίνη εντός τής προσεχούς εβδομάδος, αφού ληφθούν υπ' όψιν αι γνώμαι όλων τών ενδιαφερομένων φορέων καί καταρτισθή σχέδιον διά την επίλυσιν τού προβλήματος.
ΓΕΝΙΚΗ ΙΚΑΝΟΠΟΙΗΣΙΣ ΕΙΣ ΤΗΝ ΡΩΣΣΙΑΝ ΕΚ ΤΗΣ ΕΠΙΣΚΕΨΕΩΣ ΤΟΥ ΠΡΟΕΔΡΟΥ ΤΙΤΟ
ΑΘΗΝΑΙ, 2. — Εις τό Υπουργείον, κατόπιν συσκέψεως, ανεκοινώθη ότι η ρύθμισις των σχετικών ζητημάτων θα γίνη εντός τής προσεχούς εβδομάδος, αφού ληφθούν υπ' όψιν αι γνώμαι όλων τών ενδιαφερομένων φορέων καί καταρτισθή σχέδιον διά την επίλυσιν τού προβλήματος.
ΑΘΗΝΑΙ, 2. — Εις τό Υπουργείον, κατόπιν συσκέψεως, ανεκοινώθη ότι η ρύθμισις των σχετικών ζητημάτων θα γίνη εντός τής προσεχούς εβδομάδος, αφού ληφθούν υπ' όψιν αι γνώμαι όλων τών ενδιαφερομένων φορέων καί καταρτισθή σχέδιον διά την επίλυσιν τού προβλήματος.
